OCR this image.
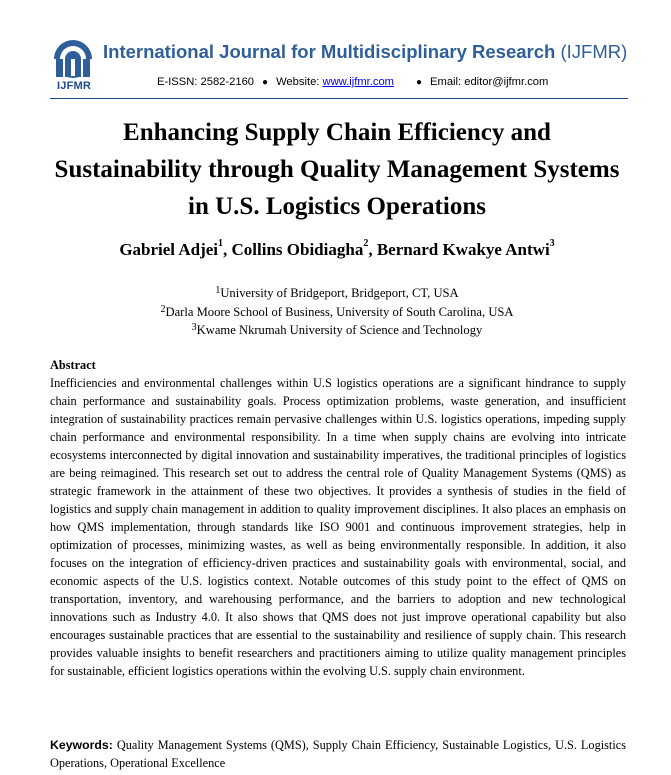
IJFMR
International Journal for Multidisciplinary Research (IJFMR)
E-ISSN: 2582-2160 ● Website: www.ijfmr.com ● Email: editor@ijfmr.com
Enhancing Supply Chain Efficiency and Sustainability through Quality Management Systems in U.S. Logistics Operations
Gabriel Adjei$^1$, Collins Obidiagha$^2$, Bernard Kwakye Antwi$^3$
$^1$University of Bridgeport, Bridgeport, CT, USA
$^2$Darla Moore School of Business, University of South Carolina, USA
$^3$Kwame Nkrumah University of Science and Technology
Abstract
Inefficiencies and environmental challenges within U.S logistics operations are a significant hindrance to supply chain performance and sustainability goals. Process optimization problems, waste generation, and insufficient integration of sustainability practices remain pervasive challenges within U.S. logistics operations, impeding supply chain performance and environmental responsibility. In a time when supply chains are evolving into intricate ecosystems interconnected by digital innovation and sustainability imperatives, the traditional principles of logistics are being reimagined. This research set out to address the central role of Quality Management Systems (QMS) as strategic framework in the attainment of these two objectives. It provides a synthesis of studies in the field of logistics and supply chain management in addition to quality improvement disciplines. It also places an emphasis on how QMS implementation, through standards like ISO 9001 and continuous improvement strategies, help in optimization of processes, minimizing wastes, as well as being environmentally responsible. In addition, it also focuses on the integration of efficiency-driven practices and sustainability goals with environmental, social, and economic aspects of the U.S. logistics context. Notable outcomes of this study point to the effect of QMS on transportation, inventory, and warehousing performance, and the barriers to adoption and new technological innovations such as Industry 4.0. It also shows that QMS does not just improve operational capability but also encourages sustainable practices that are essential to the sustainability and resilience of supply chain. This research provides valuable insights to benefit researchers and practitioners aiming to utilize quality management principles for sustainable, efficient logistics operations within the evolving U.S. supply chain environment.
Keywords: Quality Management Systems (QMS), Supply Chain Efficiency, Sustainable Logistics, U.S. Logistics Operations, Operational Excellence
